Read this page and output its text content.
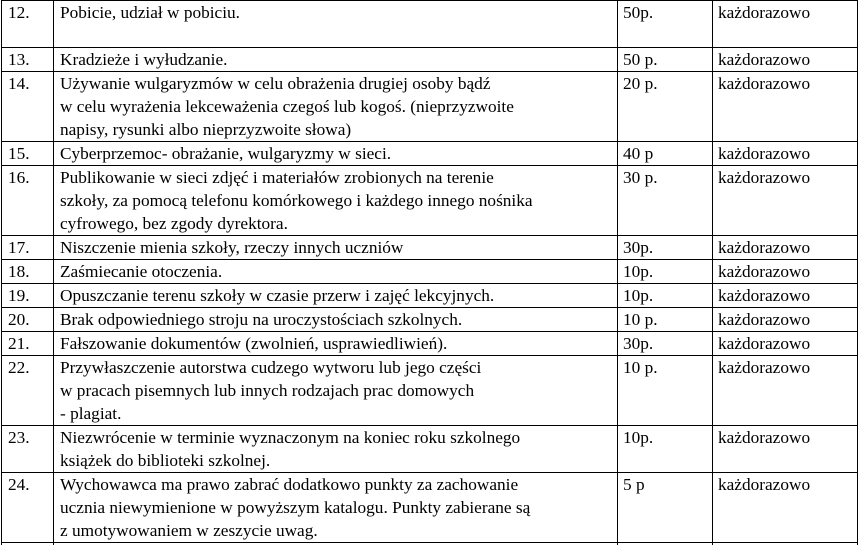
12.	Pobicie, udział w pobiciu.	50p.	każdorazowo
13.	Kradzieże i wyłudzanie.	50 p.	każdorazowo
14.	Używanie wulgaryzmów w celu obrażenia drugiej osoby bądź
w celu wyrażenia lekceważenia czegoś lub kogoś. (nieprzyzwoite
napisy, rysunki albo nieprzyzwoite słowa)	20 p.	każdorazowo
15.	Cyberprzemoc- obrażanie, wulgaryzmy w sieci.	40 p	każdorazowo
16.	Publikowanie w sieci zdjęć i materiałów zrobionych na terenie
szkoły, za pomocą telefonu komórkowego i każdego innego nośnika
cyfrowego, bez zgody dyrektora.	30 p.	każdorazowo
17.	Niszczenie mienia szkoły, rzeczy innych uczniów	30p.	każdorazowo
18.	Zaśmiecanie otoczenia.	10p.	każdorazowo
19.	Opuszczanie terenu szkoły w czasie przerw i zajęć lekcyjnych.	10p.	każdorazowo
20.	Brak odpowiedniego stroju na uroczystościach szkolnych.	10 p.	każdorazowo
21.	Fałszowanie dokumentów (zwolnień, usprawiedliwień).	30p.	każdorazowo
22.	Przywłaszczenie autorstwa cudzego wytworu lub jego części
w pracach pisemnych lub innych rodzajach prac domowych
- plagiat.	10 p.	każdorazowo
23.	Niezwrócenie w terminie wyznaczonym na koniec roku szkolnego
książek do biblioteki szkolnej.	10p.	każdorazowo
24.	Wychowawca ma prawo zabrać dodatkowo punkty za zachowanie
ucznia niewymienione w powyższym katalogu. Punkty zabierane są
z umotywowaniem w zeszycie uwag.	5 p	każdorazowo
